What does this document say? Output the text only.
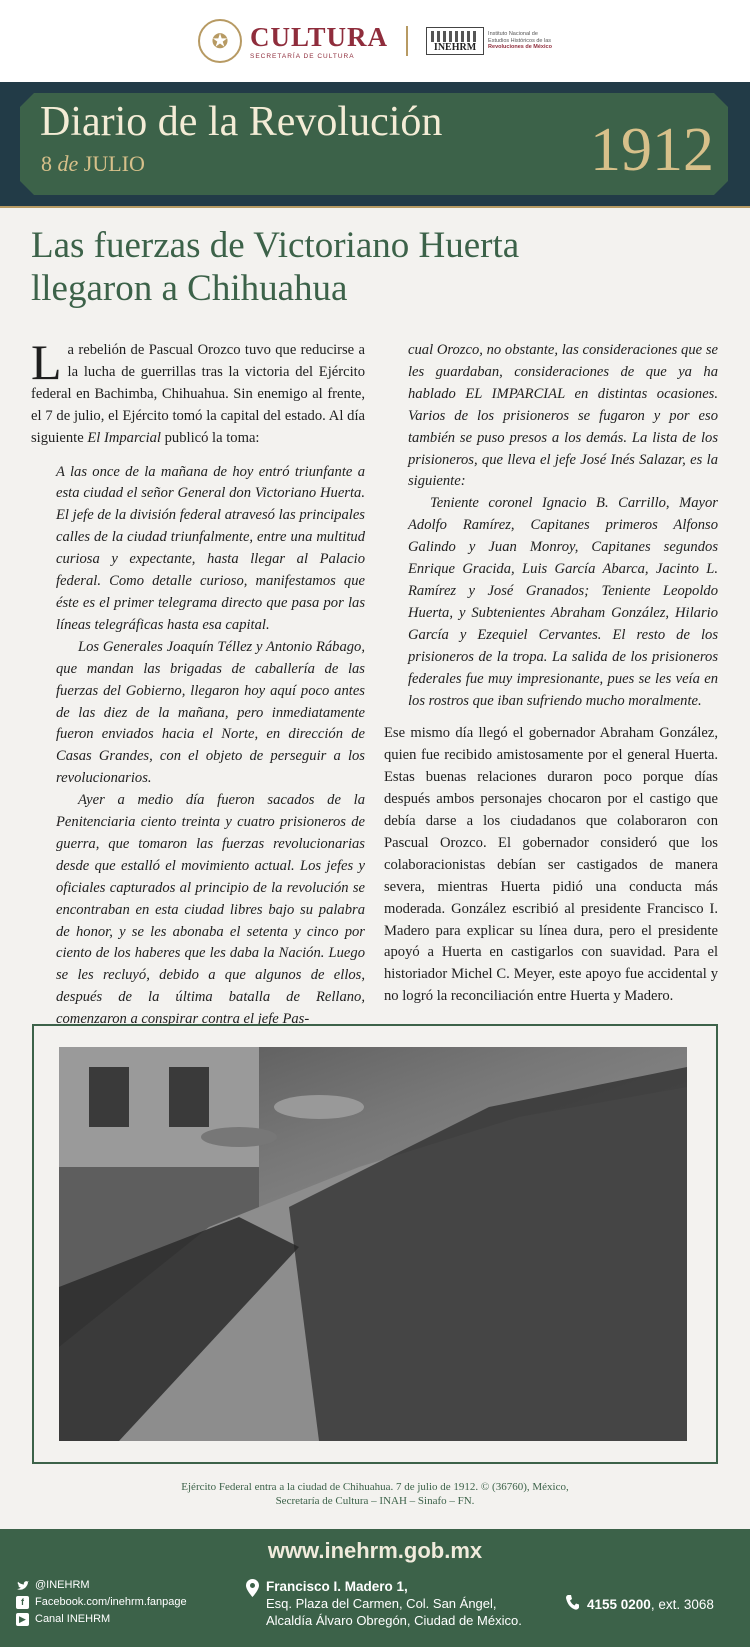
✪ CULTURA
SECRETARÍA DE CULTURA
INEHRM
Instituto Nacional de
Estudios Históricos de las
Revoluciones de México
Diario de la Revolución
8 de JULIO	1912
Las fuerzas de Victoriano Huerta
llegaron a Chihuahua

La rebelión de Pascual Orozco tuvo que reducirse a la lucha de guerrillas tras la victoria del Ejército federal en Bachimba, Chihuahua. Sin enemigo al frente, el 7 de julio, el Ejército tomó la capital del estado. Al día siguiente El Imparcial publicó la toma:

A las once de la mañana de hoy entró triunfante a esta ciudad el señor General don Victoriano Huerta. El jefe de la división federal atravesó las principales calles de la ciudad triunfalmente, entre una multitud curiosa y expectante, hasta llegar al Palacio federal. Como detalle curioso, manifestamos que éste es el primer telegrama directo que pasa por las líneas telegráficas hasta esa capital.

Los Generales Joaquín Téllez y Antonio Rábago, que mandan las brigadas de caballería de las fuerzas del Gobierno, llegaron hoy aquí poco antes de las diez de la mañana, pero inmediatamente fueron enviados hacia el Norte, en dirección de Casas Grandes, con el objeto de perseguir a los revolucionarios.

Ayer a medio día fueron sacados de la Penitenciaria ciento treinta y cuatro prisioneros de guerra, que tomaron las fuerzas revolucionarias desde que estalló el movimiento actual. Los jefes y oficiales capturados al principio de la revolución se encontraban en esta ciudad libres bajo su palabra de honor, y se les abonaba el setenta y cinco por ciento de los haberes que les daba la Nación. Luego se les recluyó, debido a que algunos de ellos, después de la última batalla de Rellano, comenzaron a conspirar contra el jefe Pas-

cual Orozco, no obstante, las consideraciones que se les guardaban, consideraciones de que ya ha hablado EL IMPARCIAL en distintas ocasiones. Varios de los prisioneros se fugaron y por eso también se puso presos a los demás. La lista de los prisioneros, que lleva el jefe José Inés Salazar, es la siguiente:

Teniente coronel Ignacio B. Carrillo, Mayor Adolfo Ramírez, Capitanes primeros Alfonso Galindo y Juan Monroy, Capitanes segundos Enrique Gracida, Luis García Abarca, Jacinto L. Ramírez y José Granados; Teniente Leopoldo Huerta, y Subtenientes Abraham González, Hilario García y Ezequiel Cervantes. El resto de los prisioneros de la tropa. La salida de los prisioneros federales fue muy impresionante, pues se les veía en los rostros que iban sufriendo mucho moralmente.

Ese mismo día llegó el gobernador Abraham González, quien fue recibido amistosamente por el general Huerta. Estas buenas relaciones duraron poco porque días después ambos personajes chocaron por el castigo que debía darse a los ciudadanos que colaboraron con Pascual Orozco. El gobernador consideró que los colaboracionistas debían ser castigados de manera severa, mientras Huerta pidió una conducta más moderada. González escribió al presidente Francisco I. Madero para explicar su línea dura, pero el presidente apoyó a Huerta en castigarlos con suavidad. Para el historiador Michel C. Meyer, este apoyo fue accidental y no logró la reconciliación entre Huerta y Madero.

Ejército Federal entra a la ciudad de Chihuahua. 7 de julio de 1912. © (36760), México,
Secretaría de Cultura – INAH – Sinafo – FN.
www.inehrm.gob.mx
@INEHRM
f	Facebook.com/inehrm.fanpage
▶ Canal INEHRM
Francisco I. Madero 1,
Esq. Plaza del Carmen, Col. San Ángel,
Alcaldía Álvaro Obregón, Ciudad de México.
4155 0200 , ext. 3068
